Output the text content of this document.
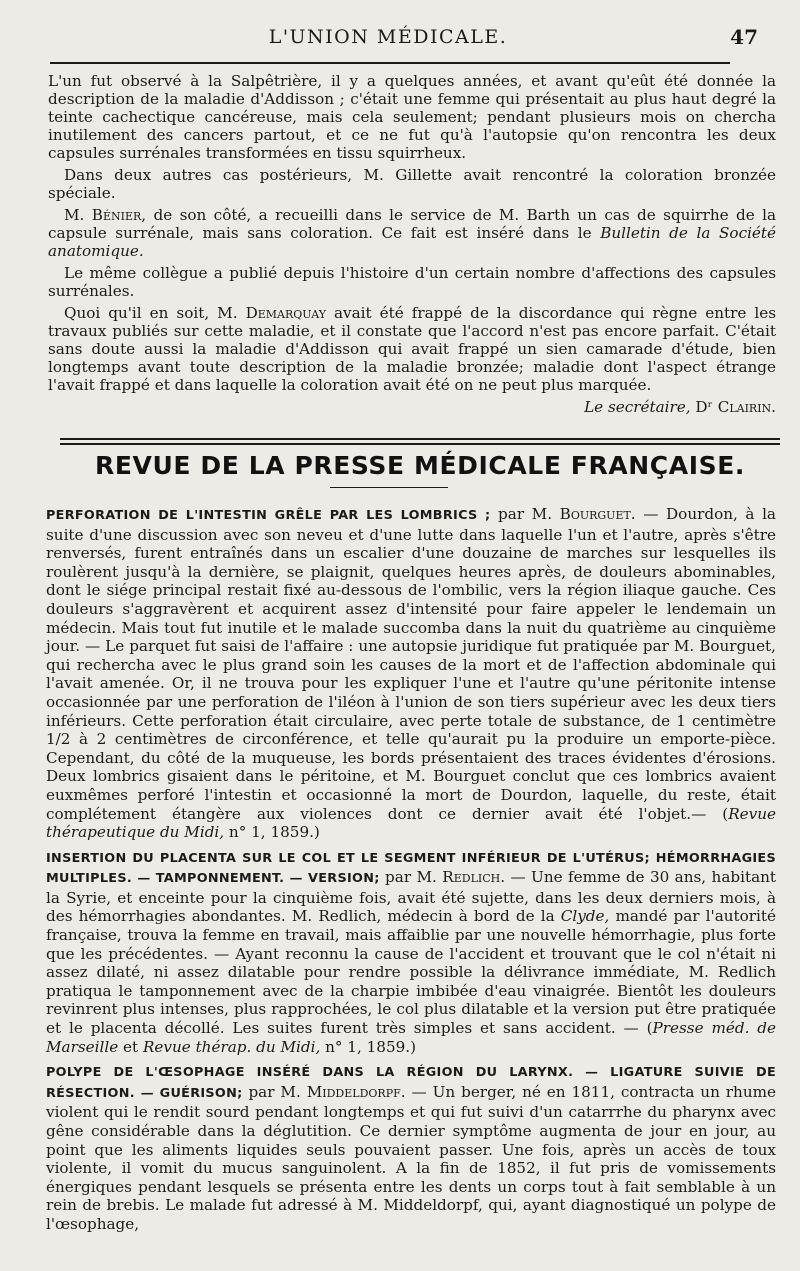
L'UNION MÉDICALE.	47

L'un fut observé à la Salpêtrière, il y a quelques années, et avant qu'eût été donnée la description de la maladie d'Addisson ; c'était une femme qui présentait au plus haut degré la teinte cachectique cancéreuse, mais cela seulement; pendant plusieurs mois on chercha inutilement des cancers partout, et ce ne fut qu'à l'autopsie qu'on rencontra les deux capsules surrénales transformées en tissu squirrheux.

Dans deux autres cas postérieurs, M. Gillette avait rencontré la coloration bronzée spéciale.

M. Bénier, de son côté, a recueilli dans le service de M. Barth un cas de squirrhe de la capsule surrénale, mais sans coloration. Ce fait est inséré dans le Bulletin de la Société anatomique.

Le même collègue a publié depuis l'histoire d'un certain nombre d'affections des capsules surrénales.

Quoi qu'il en soit, M. Demarquay avait été frappé de la discordance qui règne entre les travaux publiés sur cette maladie, et il constate que l'accord n'est pas encore parfait. C'était sans doute aussi la maladie d'Addisson qui avait frappé un sien camarade d'étude, bien longtemps avant toute description de la maladie bronzée; maladie dont l'aspect étrange l'avait frappé et dans laquelle la coloration avait été on ne peut plus marquée.

Le secrétaire, Dʳ Clairin.
REVUE DE LA PRESSE MÉDICALE FRANÇAISE.

PERFORATION DE L'INTESTIN GRÊLE PAR LES LOMBRICS ; par M. Bourguet. — Dourdon, à la suite d'une discussion avec son neveu et d'une lutte dans laquelle l'un et l'autre, après s'être renversés, furent entraînés dans un escalier d'une douzaine de marches sur lesquelles ils roulèrent jusqu'à la dernière, se plaignit, quelques heures après, de douleurs abominables, dont le siége principal restait fixé au-dessous de l'ombilic, vers la région iliaque gauche. Ces douleurs s'aggravèrent et acquirent assez d'intensité pour faire appeler le lendemain un médecin. Mais tout fut inutile et le malade succomba dans la nuit du quatrième au cinquième jour. — Le parquet fut saisi de l'affaire : une autopsie juridique fut pratiquée par M. Bourguet, qui rechercha avec le plus grand soin les causes de la mort et de l'affection abdominale qui l'avait amenée. Or, il ne trouva pour les expliquer l'une et l'autre qu'une péritonite intense occasionnée par une perforation de l'iléon à l'union de son tiers supérieur avec les deux tiers inférieurs. Cette perforation était circulaire, avec perte totale de substance, de 1 centimètre 1/2 à 2 centimètres de circonférence, et telle qu'aurait pu la produire un emporte-pièce. Cependant, du côté de la muqueuse, les bords présentaient des traces évidentes d'érosions. Deux lombrics gisaient dans le péritoine, et M. Bourguet conclut que ces lombrics avaient euxmêmes perforé l'intestin et occasionné la mort de Dourdon, laquelle, du reste, était complétement étangère aux violences dont ce dernier avait été l'objet.— (Revue thérapeutique du Midi, n° 1, 1859.)

INSERTION DU PLACENTA SUR LE COL ET LE SEGMENT INFÉRIEUR DE L'UTÉRUS; HÉMORRHAGIES MULTIPLES. — TAMPONNEMENT. — VERSION; par M. Redlich. — Une femme de 30 ans, habitant la Syrie, et enceinte pour la cinquième fois, avait été sujette, dans les deux derniers mois, à des hémorrhagies abondantes. M. Redlich, médecin à bord de la Clyde, mandé par l'autorité française, trouva la femme en travail, mais affaiblie par une nouvelle hémorrhagie, plus forte que les précédentes. — Ayant reconnu la cause de l'accident et trouvant que le col n'était ni assez dilaté, ni assez dilatable pour rendre possible la délivrance immédiate, M. Redlich pratiqua le tamponnement avec de la charpie imbibée d'eau vinaigrée. Bientôt les douleurs revinrent plus intenses, plus rapprochées, le col plus dilatable et la version put être pratiquée et le placenta décollé. Les suites furent très simples et sans accident. — (Presse méd. de Marseille et Revue thérap. du Midi, n° 1, 1859.)

POLYPE DE L'ŒSOPHAGE INSÉRÉ DANS LA RÉGION DU LARYNX. — LIGATURE SUIVIE DE RÉSECTION. — GUÉRISON; par M. Middeldorpf. — Un berger, né en 1811, contracta un rhume violent qui le rendit sourd pendant longtemps et qui fut suivi d'un catarrrhe du pharynx avec gêne considérable dans la déglutition. Ce dernier symptôme augmenta de jour en jour, au point que les aliments liquides seuls pouvaient passer. Une fois, après un accès de toux violente, il vomit du mucus sanguinolent. A la fin de 1852, il fut pris de vomissements énergiques pendant lesquels se présenta entre les dents un corps tout à fait semblable à un rein de brebis. Le malade fut adressé à M. Middeldorpf, qui, ayant diagnostiqué un polype de l'œsophage,
